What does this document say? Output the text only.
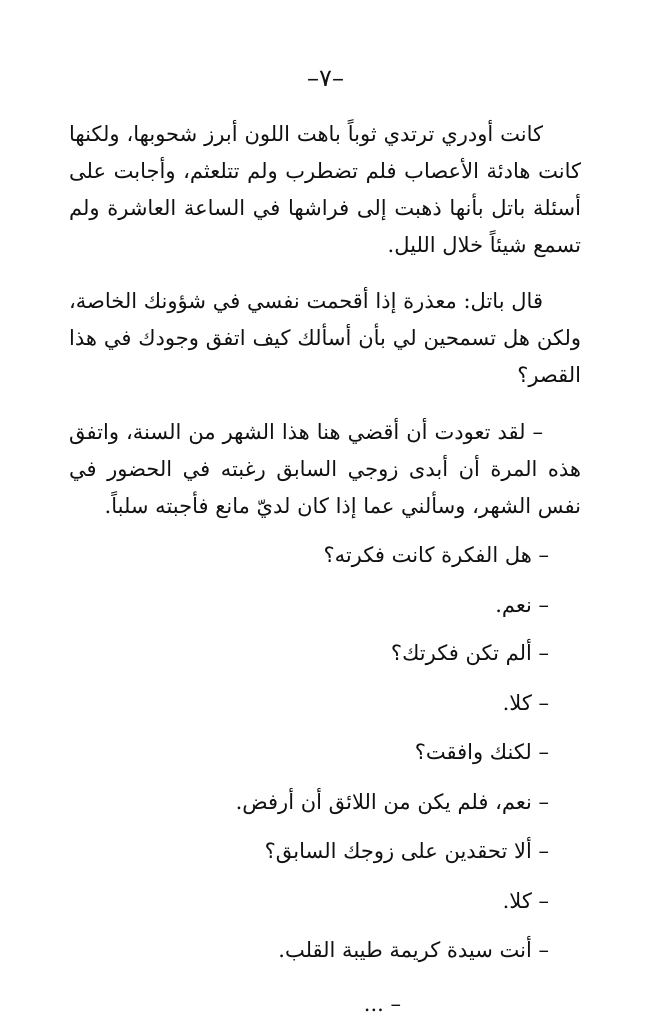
–٧–

كانت أودري ترتدي ثوباً باهت اللون أبرز شحوبها، ولكنها كانت هادئة الأعصاب فلم تضطرب ولم تتلعثم، وأجابت على أسئلة باتل بأنها ذهبت إلى فراشها في الساعة العاشرة ولم تسمع شيئاً خلال الليل.

قال باتل: معذرة إذا أقحمت نفسي في شؤونك الخاصة، ولكن هل تسمحين لي بأن أسألك كيف اتفق وجودك في هذا القصر؟

– لقد تعودت أن أقضي هنا هذا الشهر من السنة، واتفق هذه المرة أن أبدى زوجي السابق رغبته في الحضور في نفس الشهر، وسألني عما إذا كان لديّ مانع فأجبته سلباً.

– هل الفكرة كانت فكرته؟
– نعم.
– ألم تكن فكرتك؟
– كلا.
– لكنك وافقت؟
– نعم، فلم يكن من اللائق أن أرفض.
– ألا تحقدين على زوجك السابق؟
– كلا.
– أنت سيدة كريمة طيبة القلب.
– ...
